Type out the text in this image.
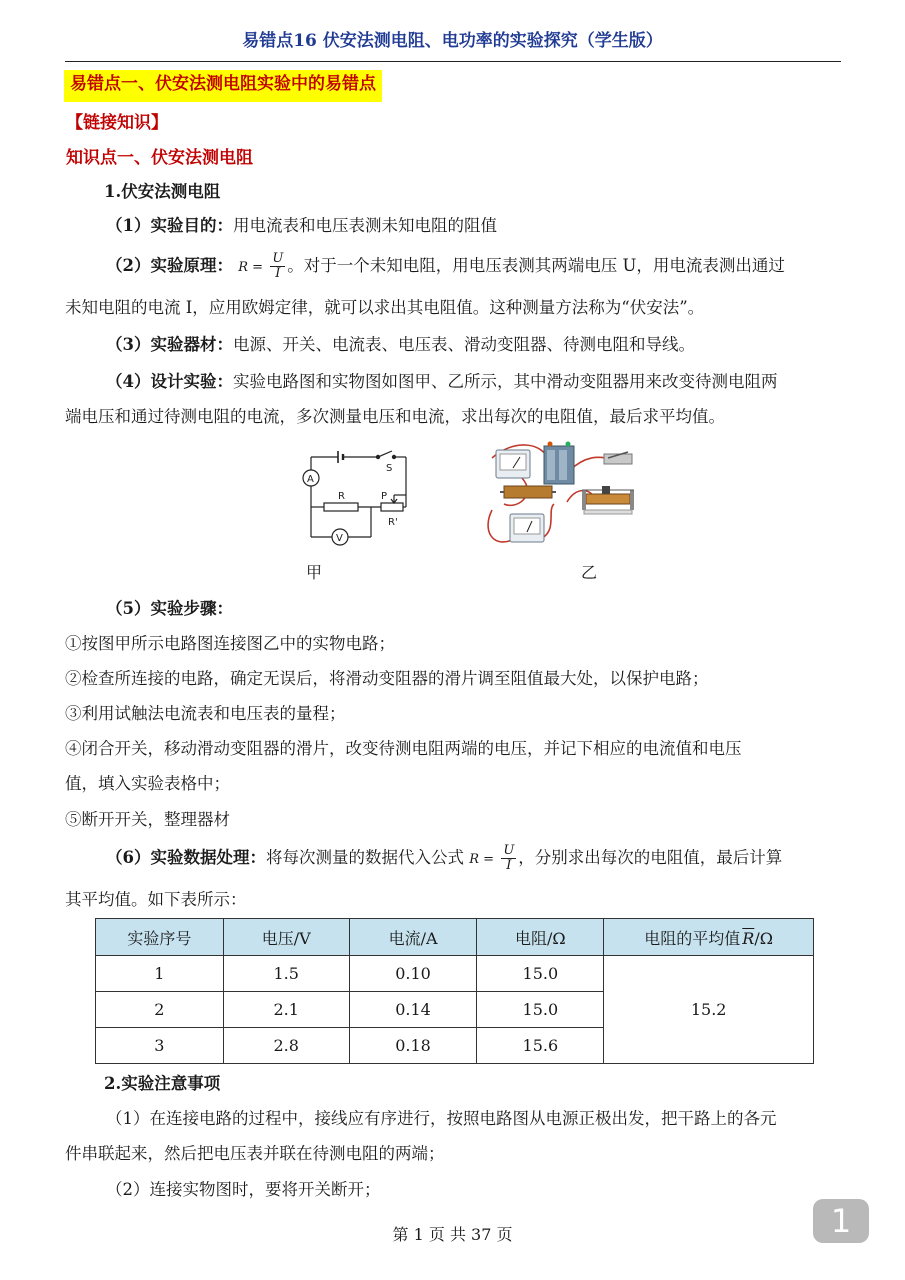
易错点16 伏安法测电阻、电功率的实验探究（学生版）
易错点一、伏安法测电阻实验中的易错点
【链接知识】
知识点一、伏安法测电阻
1.伏安法测电阻
（1）实验目的：用电流表和电压表测未知电阻的阻值
（2）实验原理： $R = \frac{U}{I}$ 。对于一个未知电阻，用电压表测其两端电压 U，用电流表测出通过
未知电阻的电流 I，应用欧姆定律，就可以求出其电阻值。这种测量方法称为“伏安法”。
（3）实验器材：电源、开关、电流表、电压表、滑动变阻器、待测电阻和导线。
（4）设计实验：实验电路图和实物图如图甲、乙所示，其中滑动变阻器用来改变待测电阻两
端电压和通过待测电阻的电流，多次测量电压和电流，求出每次的电阻值，最后求平均值。
S
A
R	P
R'
V
甲	乙
（5）实验步骤：
①按图甲所示电路图连接图乙中的实物电路；
②检查所连接的电路，确定无误后，将滑动变阻器的滑片调至阻值最大处，以保护电路；
③利用试触法电流表和电压表的量程；
④闭合开关，移动滑动变阻器的滑片，改变待测电阻两端的电压，并记下相应的电流值和电压
值，填入实验表格中；
⑤断开开关，整理器材
（6）实验数据处理：将每次测量的数据代入公式 $R = \frac{U}{I}$ ，分别求出每次的电阻值，最后计算
其平均值。如下表所示：
实验序号	电压/V	电流/A	电阻/Ω	电阻的平均值 $\overline{R}/\Omega$
1	1.5	0.10	15.0	15.2
2	2.1	0.14	15.0	
3	2.8	0.18	15.6	
2.实验注意事项
（1）在连接电路的过程中，接线应有序进行，按照电路图从电源正极出发，把干路上的各元
件串联起来，然后把电压表并联在待测电阻的两端；
（2）连接实物图时，要将开关断开；
第 1 页 共 37 页	1
